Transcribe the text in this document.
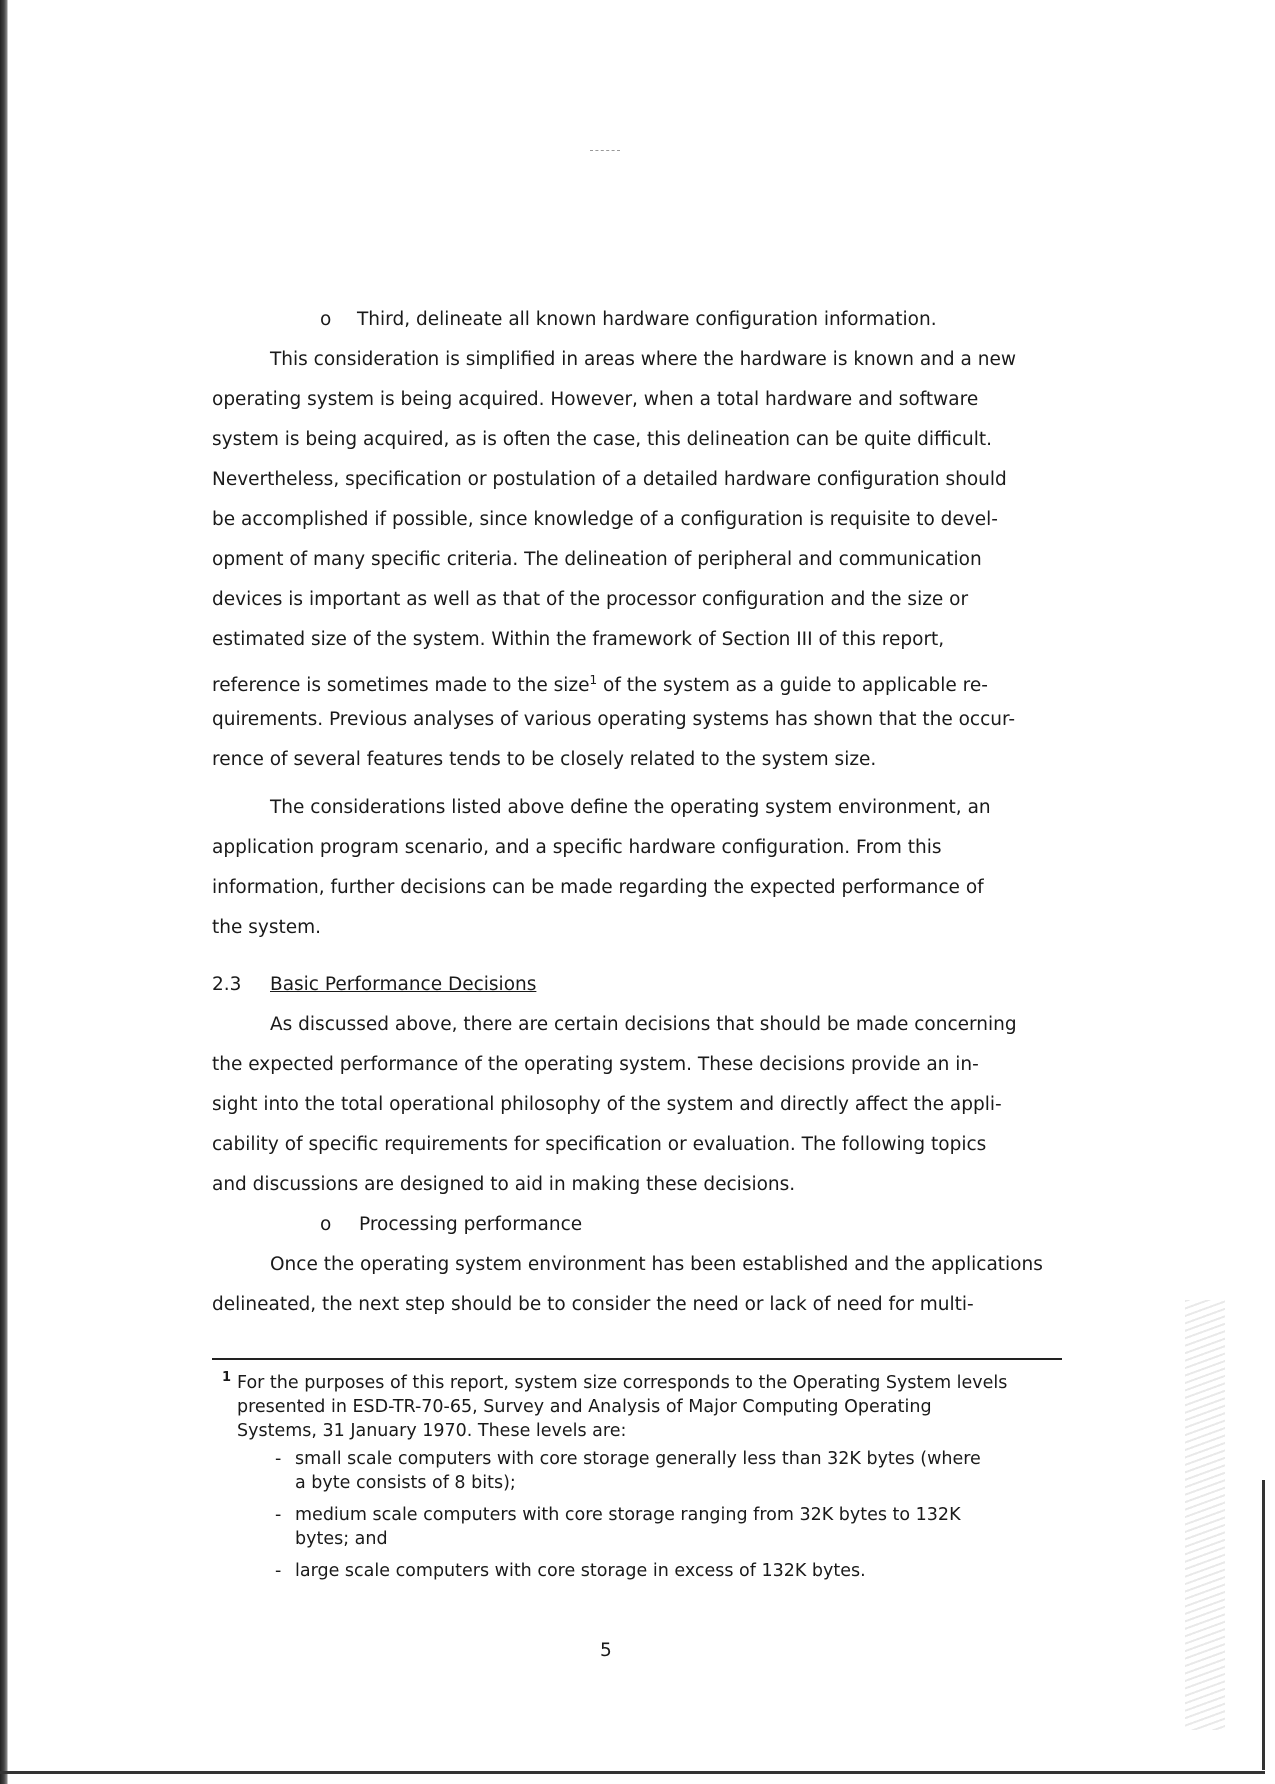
o Third, delineate all known hardware configuration information.

This consideration is simplified in areas where the hardware is known and a new

operating system is being acquired. However, when a total hardware and software

system is being acquired, as is often the case, this delineation can be quite difficult.

Nevertheless, specification or postulation of a detailed hardware configuration should

be accomplished if possible, since knowledge of a configuration is requisite to devel-

opment of many specific criteria. The delineation of peripheral and communication

devices is important as well as that of the processor configuration and the size or

estimated size of the system. Within the framework of Section III of this report,

reference is sometimes made to the size$^1$ of the system as a guide to applicable re-

quirements. Previous analyses of various operating systems has shown that the occur-

rence of several features tends to be closely related to the system size.

The considerations listed above define the operating system environment, an

application program scenario, and a specific hardware configuration. From this

information, further decisions can be made regarding the expected performance of

the system.

2.3 Basic Performance Decisions

As discussed above, there are certain decisions that should be made concerning

the expected performance of the operating system. These decisions provide an in-

sight into the total operational philosophy of the system and directly affect the appli-

cability of specific requirements for specification or evaluation. The following topics

and discussions are designed to aid in making these decisions.

o Processing performance

Once the operating system environment has been established and the applications

delineated, the next step should be to consider the need or lack of need for multi-

1 For the purposes of this report, system size corresponds to the Operating System levels

presented in ESD-TR-70-65, Survey and Analysis of Major Computing Operating

Systems, 31 January 1970. These levels are:

- small scale computers with core storage generally less than 32K bytes (where

a byte consists of 8 bits);

- medium scale computers with core storage ranging from 32K bytes to 132K

bytes; and

- large scale computers with core storage in excess of 132K bytes.

5
